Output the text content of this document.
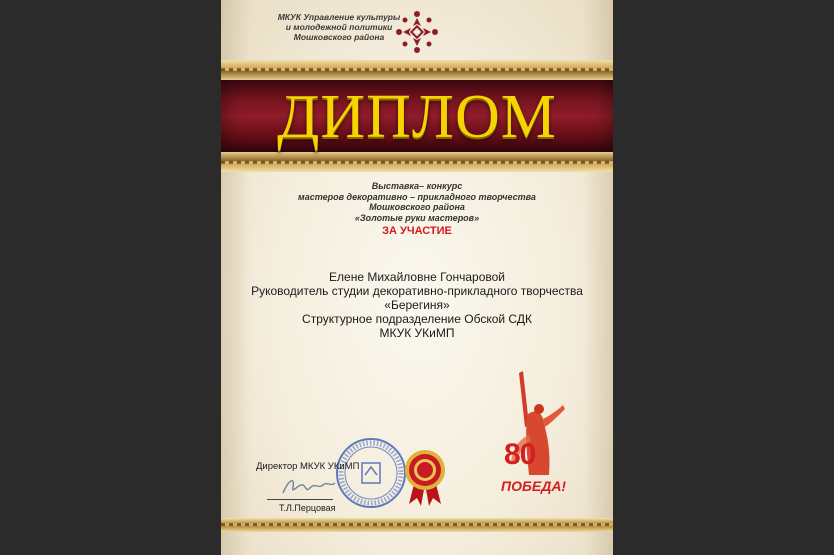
МКУК Управление культуры
и молодежной политики
Мошковского района
ДИПЛОМ
Выставка– конкурс
мастеров декоративно – прикладного творчества
Мошковского района
«Золотые руки мастеров»
ЗА УЧАСТИЕ
Елене Михайловне Гончаровой
Руководитель студии декоративно-прикладного творчества
«Берегиня»
Структурное подразделение Обской СДК
МКУК УКиМП
80
ПОБЕДА!
Директор МКУК УКиМП
Т.Л.Перцовая
